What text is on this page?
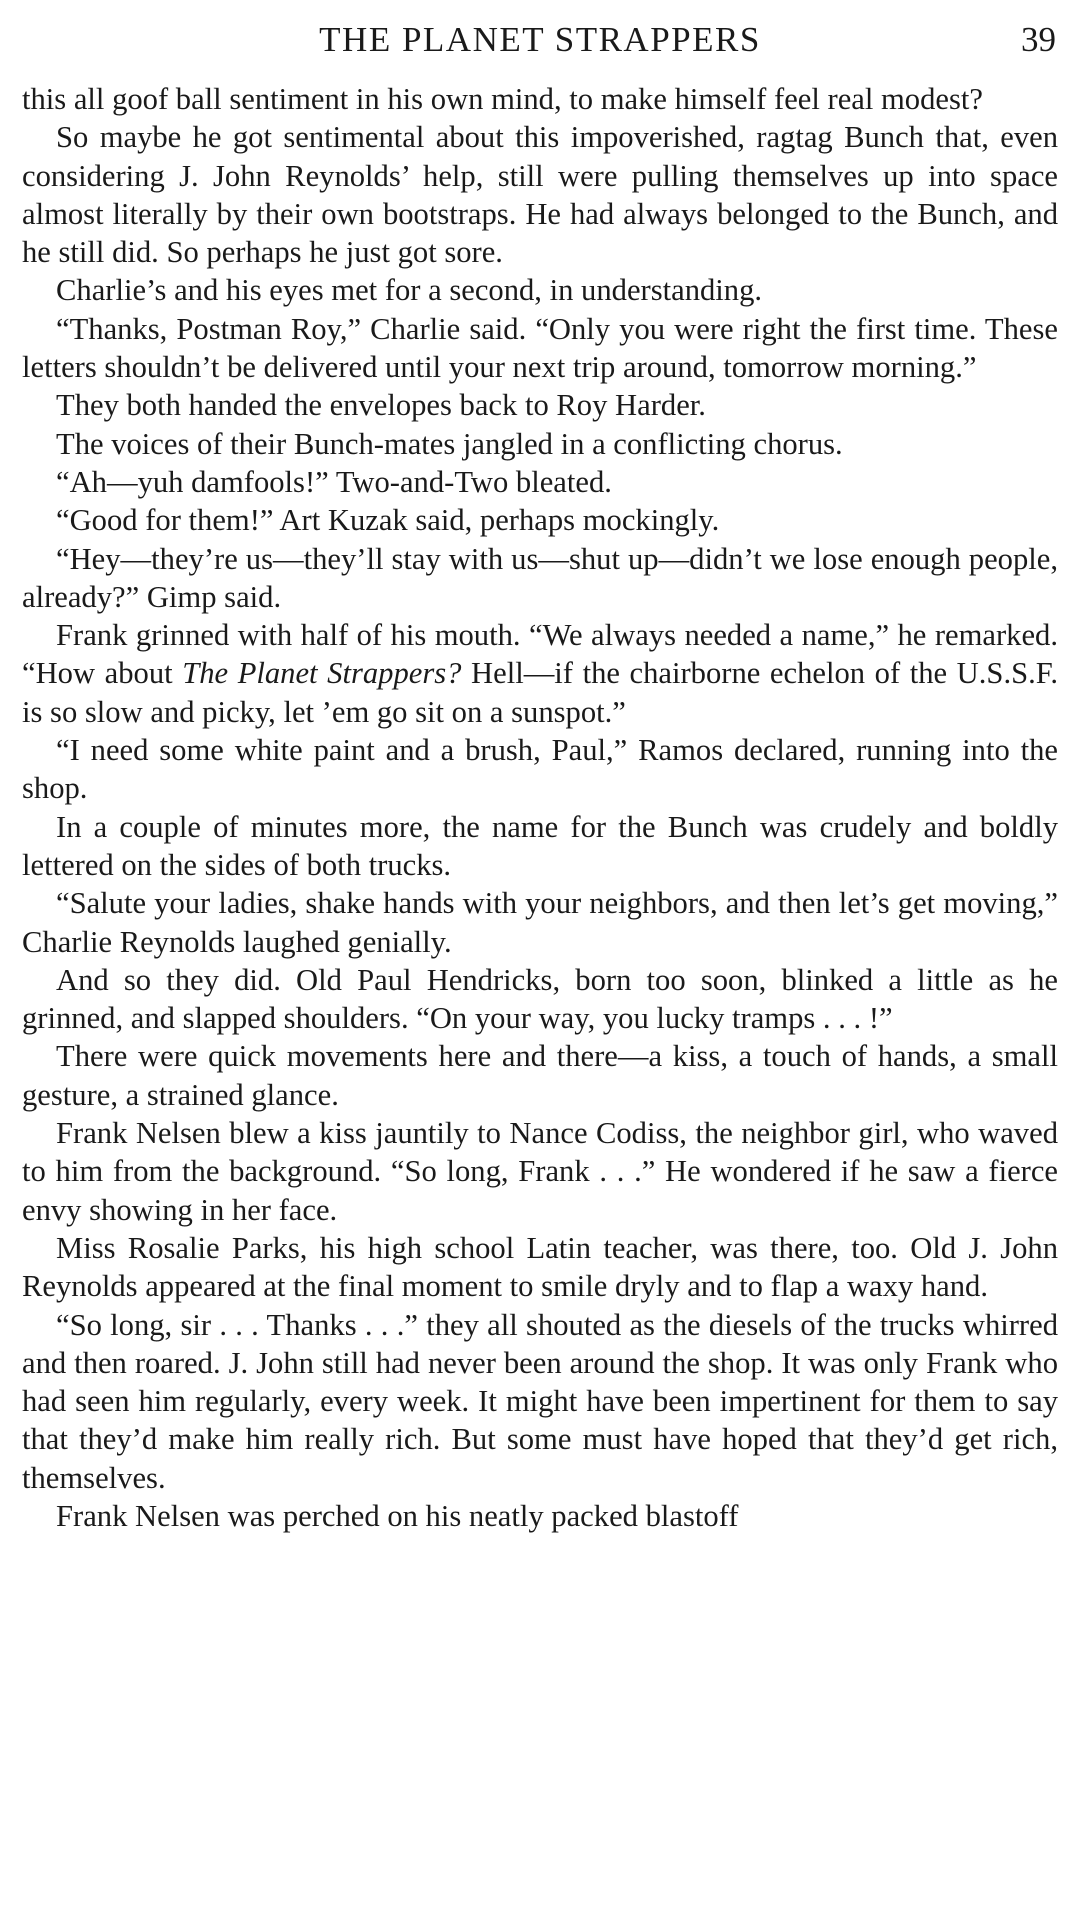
THE PLANET STRAPPERS	39

this all goof ball sentiment in his own mind, to make himself feel real modest?

So maybe he got sentimental about this impoverished, ragtag Bunch that, even considering J. John Reynolds’ help, still were pulling themselves up into space almost literally by their own bootstraps. He had always belonged to the Bunch, and he still did. So perhaps he just got sore.

Charlie’s and his eyes met for a second, in understanding.

“Thanks, Postman Roy,” Charlie said. “Only you were right the first time. These letters shouldn’t be delivered until your next trip around, tomorrow morning.”

They both handed the envelopes back to Roy Harder.

The voices of their Bunch-mates jangled in a conflicting chorus.

“Ah—yuh damfools!” Two-and-Two bleated.

“Good for them!” Art Kuzak said, perhaps mockingly.

“Hey—they’re us—they’ll stay with us—shut up—didn’t we lose enough people, already?” Gimp said.

Frank grinned with half of his mouth. “We always needed a name,” he remarked. “How about The Planet Strappers? Hell—if the chairborne echelon of the U.S.S.F. is so slow and picky, let ’em go sit on a sunspot.”

“I need some white paint and a brush, Paul,” Ramos declared, running into the shop.

In a couple of minutes more, the name for the Bunch was crudely and boldly lettered on the sides of both trucks.

“Salute your ladies, shake hands with your neighbors, and then let’s get moving,” Charlie Reynolds laughed genially.

And so they did. Old Paul Hendricks, born too soon, blinked a little as he grinned, and slapped shoulders. “On your way, you lucky tramps . . . !”

There were quick movements here and there—a kiss, a touch of hands, a small gesture, a strained glance.

Frank Nelsen blew a kiss jauntily to Nance Codiss, the neighbor girl, who waved to him from the background. “So long, Frank . . .” He wondered if he saw a fierce envy showing in her face.

Miss Rosalie Parks, his high school Latin teacher, was there, too. Old J. John Reynolds appeared at the final moment to smile dryly and to flap a waxy hand.

“So long, sir . . . Thanks . . .” they all shouted as the diesels of the trucks whirred and then roared. J. John still had never been around the shop. It was only Frank who had seen him regularly, every week. It might have been impertinent for them to say that they’d make him really rich. But some must have hoped that they’d get rich, themselves.

Frank Nelsen was perched on his neatly packed blastoff
